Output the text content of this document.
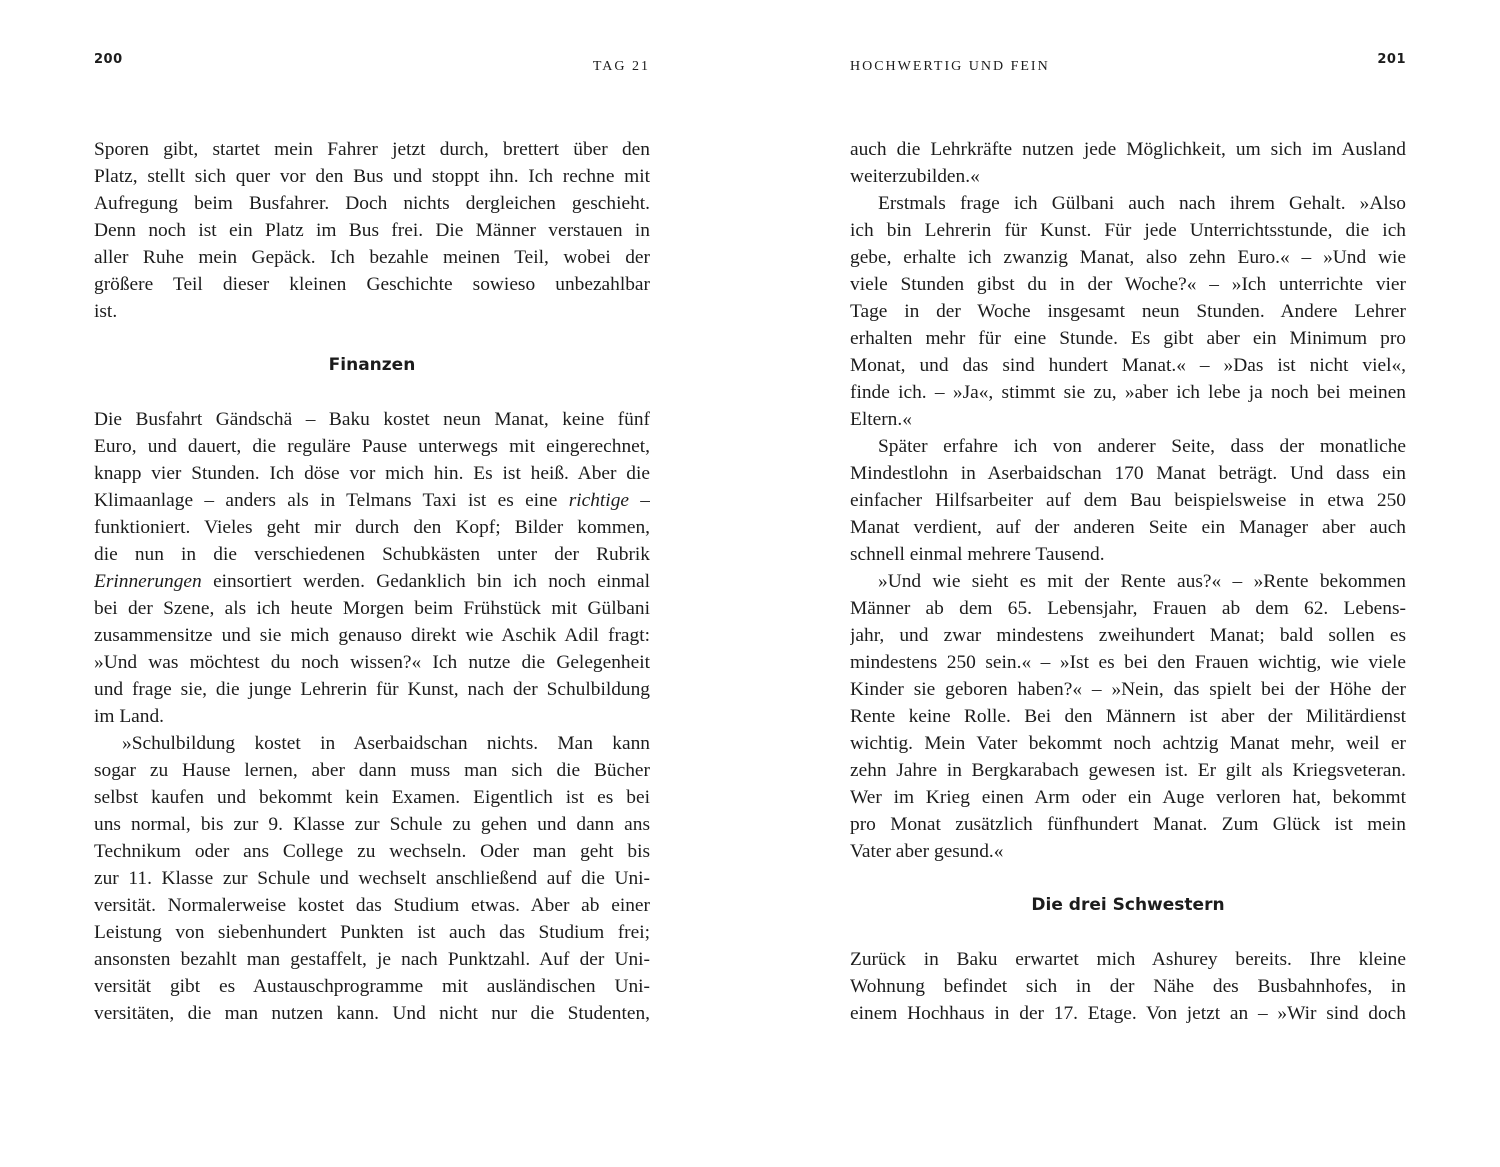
200	TAG 21
Sporen gibt, startet mein Fahrer jetzt durch, brettert über den
Platz, stellt sich quer vor den Bus und stoppt ihn. Ich rechne mit
Aufregung beim Busfahrer. Doch nichts dergleichen geschieht.
Denn noch ist ein Platz im Bus frei. Die Männer verstauen in
aller Ruhe mein Gepäck. Ich bezahle meinen Teil, wobei der
größere Teil dieser kleinen Geschichte sowieso unbezahlbar
ist.
Finanzen
Die Busfahrt Gändschä – Baku kostet neun Manat, keine fünf
Euro, und dauert, die reguläre Pause unterwegs mit eingerechnet,
knapp vier Stunden. Ich döse vor mich hin. Es ist heiß. Aber die
Klimaanlage – anders als in Telmans Taxi ist es eine richtige –
funktioniert. Vieles geht mir durch den Kopf; Bilder kommen,
die nun in die verschiedenen Schubkästen unter der Rubrik
Erinnerungen einsortiert werden. Gedanklich bin ich noch einmal
bei der Szene, als ich heute Morgen beim Frühstück mit Gülbani
zusammensitze und sie mich genauso direkt wie Aschik Adil fragt:
»Und was möchtest du noch wissen?« Ich nutze die Gelegenheit
und frage sie, die junge Lehrerin für Kunst, nach der Schulbildung
im Land.
»Schulbildung kostet in Aserbaidschan nichts. Man kann
sogar zu Hause lernen, aber dann muss man sich die Bücher
selbst kaufen und bekommt kein Examen. Eigentlich ist es bei
uns normal, bis zur 9. Klasse zur Schule zu gehen und dann ans
Technikum oder ans College zu wechseln. Oder man geht bis
zur 11. Klasse zur Schule und wechselt anschließend auf die Uni-
versität. Normalerweise kostet das Studium etwas. Aber ab einer
Leistung von siebenhundert Punkten ist auch das Studium frei;
ansonsten bezahlt man gestaffelt, je nach Punktzahl. Auf der Uni-
versität gibt es Austauschprogramme mit ausländischen Uni-
versitäten, die man nutzen kann. Und nicht nur die Studenten,
201
HOCHWERTIG UND FEIN
auch die Lehrkräfte nutzen jede Möglichkeit, um sich im Ausland
weiterzubilden.«
Erstmals frage ich Gülbani auch nach ihrem Gehalt. »Also
ich bin Lehrerin für Kunst. Für jede Unterrichtsstunde, die ich
gebe, erhalte ich zwanzig Manat, also zehn Euro.« – »Und wie
viele Stunden gibst du in der Woche?« – »Ich unterrichte vier
Tage in der Woche insgesamt neun Stunden. Andere Lehrer
erhalten mehr für eine Stunde. Es gibt aber ein Minimum pro
Monat, und das sind hundert Manat.« – »Das ist nicht viel«,
finde ich. – »Ja«, stimmt sie zu, »aber ich lebe ja noch bei meinen
Eltern.«
Später erfahre ich von anderer Seite, dass der monatliche
Mindestlohn in Aserbaidschan 170 Manat beträgt. Und dass ein
einfacher Hilfsarbeiter auf dem Bau beispielsweise in etwa 250
Manat verdient, auf der anderen Seite ein Manager aber auch
schnell einmal mehrere Tausend.
»Und wie sieht es mit der Rente aus?« – »Rente bekommen
Männer ab dem 65. Lebensjahr, Frauen ab dem 62. Lebens-
jahr, und zwar mindestens zweihundert Manat; bald sollen es
mindestens 250 sein.« – »Ist es bei den Frauen wichtig, wie viele
Kinder sie geboren haben?« – »Nein, das spielt bei der Höhe der
Rente keine Rolle. Bei den Männern ist aber der Militärdienst
wichtig. Mein Vater bekommt noch achtzig Manat mehr, weil er
zehn Jahre in Bergkarabach gewesen ist. Er gilt als Kriegsveteran.
Wer im Krieg einen Arm oder ein Auge verloren hat, bekommt
pro Monat zusätzlich fünfhundert Manat. Zum Glück ist mein
Vater aber gesund.«
Die drei Schwestern
Zurück in Baku erwartet mich Ashurey bereits. Ihre kleine
Wohnung befindet sich in der Nähe des Busbahnhofes, in
einem Hochhaus in der 17. Etage. Von jetzt an – »Wir sind doch
